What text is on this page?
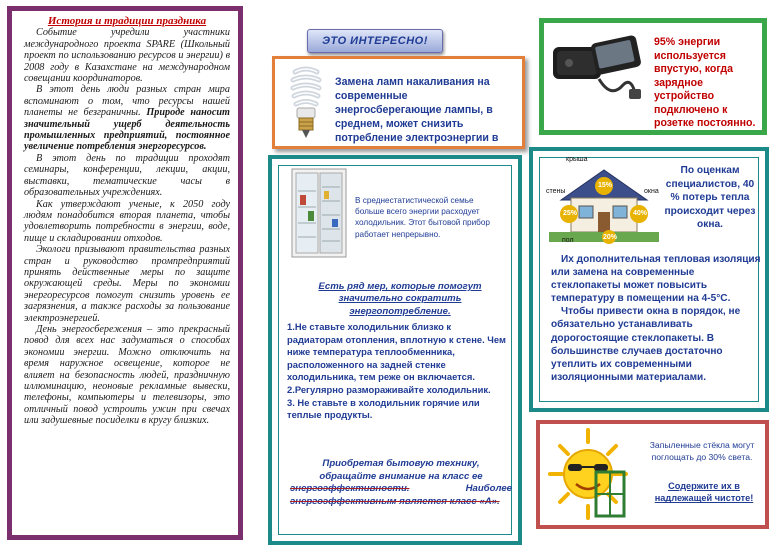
История и традиции праздника

Событие учредили участники международного проекта SPARE (Школьный проект по использованию ресурсов и энергии) в 2008 году в Казахстане на международном совещании координаторов.

В этот день люди разных стран мира вспоминают о том, что ресурсы нашей планеты не безграничны. Природе наносит значительный ущерб деятельность промышленных предприятий, постоянное увеличение потребления энергоресурсов.

В этот день по традиции проходят семинары, конференции, лекции, акции, выставки, тематические часы в образовательных учреждениях.

Как утверждают ученые, к 2050 году людям понадобится вторая планета, чтобы удовлетворить потребности в энергии, воде, пище и складировании отходов.

Экологи призывают правительства разных стран и руководство промпредприятий принять действенные меры по защите окружающей среды. Меры по экономии энергоресурсов помогут снизить уровень ее загрязнения, а также расходы за пользование электроэнергией.

День энергосбережения – это прекрасный повод для всех нас задуматься о способах экономии энергии. Можно отключить на время наружное освещение, которое не влияет на безопасность людей, праздничную иллюминацию, неоновые рекламные вывески, телефоны, компьютеры и телевизоры, это отличный повод устроить ужин при свечах или задушевные посиделки в кругу близких.

ЭТО ИНТЕРЕСНО!
Замена ламп накаливания на современные энергосберегающие лампы, в среднем, может снизить потребление электроэнергии в
95% энергии используется впустую, когда зарядное устройство подключено к розетке постоянно.
В среднестатистической семье больше всего энергии расходует холодильник. Этот бытовой прибор работает непрерывно.
Есть ряд мер, которые помогут значительно сократить энергопотребление.
1.Не ставьте холодильник близко к радиаторам отопления, вплотную к стене. Чем ниже температура теплообменника, расположенного на задней стенке холодильника, тем реже он включается.
2.Регулярно размораживайте холодильник.
3. Не ставьте в холодильник горячие или теплые продукты.
Приобретая бытовую технику,
обращайте внимание на класс ее
Наиболее
энергоэффективности.
энергоэффективным является класс «А».
15%
25%	40%
20%
крыша
стены	окна
пол
По оценкам специалистов, 40 % потерь тепла происходит через окна.

Их дополнительная тепловая изоляция или замена на современные стеклопакеты может повысить температуру в помещении на 4-5°С.

Чтобы привести окна в порядок, не обязательно устанавливать дорогостоящие стеклопакеты. В большинстве случаев достаточно утеплить их современными изоляционными материалами.

Запыленные стёкла могут поглощать до 30% света.
Содержите их в надлежащей чистоте!
